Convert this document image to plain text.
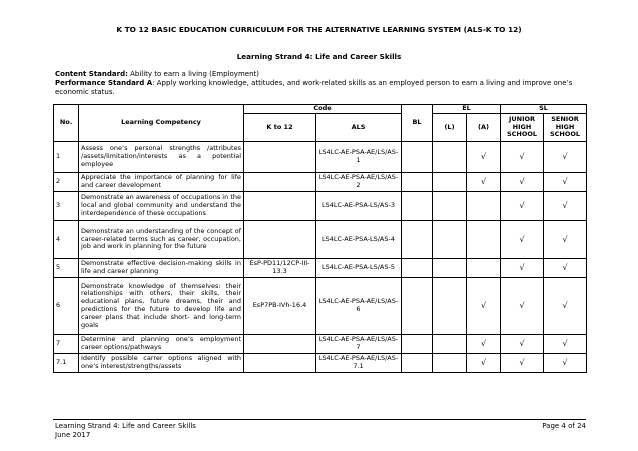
K TO 12 BASIC EDUCATION CURRICULUM FOR THE ALTERNATIVE LEARNING SYSTEM (ALS-K TO 12)
Learning Strand 4: Life and Career Skills
Content Standard: Ability to earn a living (Employment)
Performance Standard A: Apply working knowledge, attitudes, and work-related skills as an employed person to earn a living and improve one’s economic status.
No.	Learning Competency	Code		BL	EL		SL	
		K to 12	ALS		(L)	(A)	JUNIOR HIGH SCHOOL	SENIOR HIGH SCHOOL
1	Assess one’s personal strengths /attributes /assets/limitation/interests as a potential employee		LS4LC-AE-PSA-AE/LS/AS-1			√	√	√
2	Appreciate the importance of planning for life and career development		LS4LC-AE-PSA-AE/LS/AS-2			√	√	√
3	Demonstrate an awareness of occupations in the local and global community and understand the interdependence of these occupations		LS4LC-AE-PSA-LS/AS-3				√	√
4	Demonstrate an understanding of the concept of career-related terms such as career, occupation, job and work in planning for the future		LS4LC-AE-PSA-LS/AS-4				√	√
5	Demonstrate effective decision-making skills in life and career planning	EsP-PD11/12CP-III-13.3	LS4LC-AE-PSA-LS/AS-5				√	√
6	Demonstrate knowledge of themselves: their relationships with others, their skills, their educational plans, future dreams, their and predictions for the future to develop life and career plans that include short- and long-term goals	EsP7PB-IVh-16.4	LS4LC-AE-PSA-AE/LS/AS-6			√	√	√
7	Determine and planning one’s employment career options/pathways		LS4LC-AE-PSA-AE/LS/AS-7			√	√	√
7.1	Identify possible carrer options aligned with one’s interest/strengths/assets		LS4LC-AE-PSA-AE/LS/AS-7.1			√	√	√
Learning Strand 4: Life and Career Skills
June 2017
Page 4 of 24
